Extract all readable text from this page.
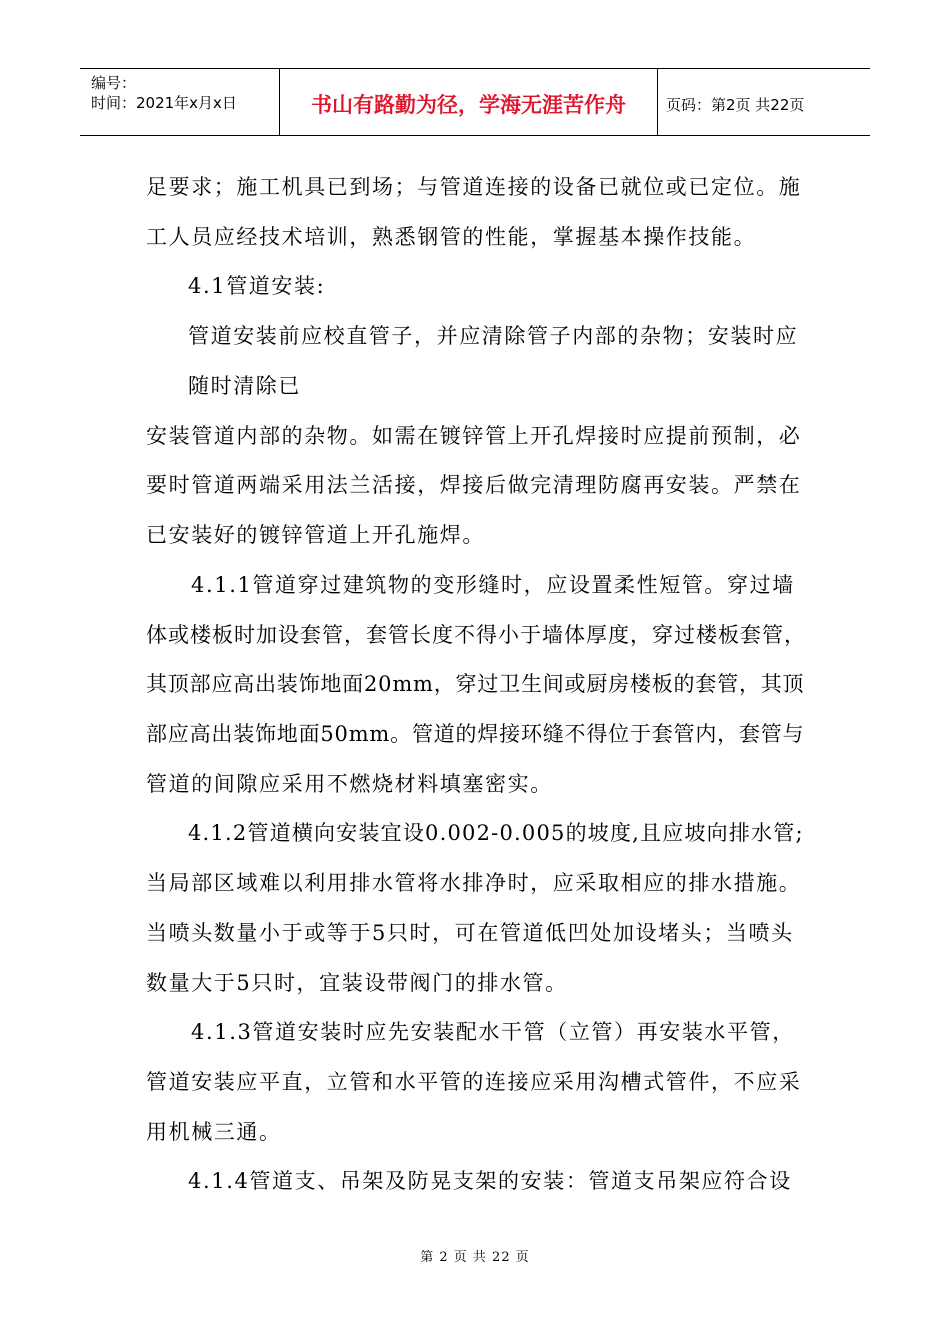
编号：
时间：2021年x月x日	书山有路勤为径，学海无涯苦作舟	页码：第2页 共22页
足要求；施工机具已到场；与管道连接的设备已就位或已定位。施
工人员应经技术培训，熟悉钢管的性能，掌握基本操作技能。
4.1管道安装:
管道安装前应校直管子，并应清除管子内部的杂物；安装时应
随时清除已
安装管道内部的杂物。如需在镀锌管上开孔焊接时应提前预制，必
要时管道两端采用法兰活接，焊接后做完清理防腐再安装。严禁在
已安装好的镀锌管道上开孔施焊。
4.1.1管道穿过建筑物的变形缝时，应设置柔性短管。穿过墙
体或楼板时加设套管，套管长度不得小于墙体厚度，穿过楼板套管，
其顶部应高出装饰地面20mm，穿过卫生间或厨房楼板的套管，其顶
部应高出装饰地面50mm。管道的焊接环缝不得位于套管内，套管与
管道的间隙应采用不燃烧材料填塞密实。
4.1.2管道横向安装宜设0.002-0.005的坡度,且应坡向排水管;
当局部区域难以利用排水管将水排净时，应采取相应的排水措施。
当喷头数量小于或等于5只时，可在管道低凹处加设堵头；当喷头
数量大于5只时，宜装设带阀门的排水管。
4.1.3管道安装时应先安装配水干管（立管）再安装水平管，
管道安装应平直，立管和水平管的连接应采用沟槽式管件，不应采
用机械三通。
4.1.4管道支、吊架及防晃支架的安装：管道支吊架应符合设
第 2 页 共 22 页
